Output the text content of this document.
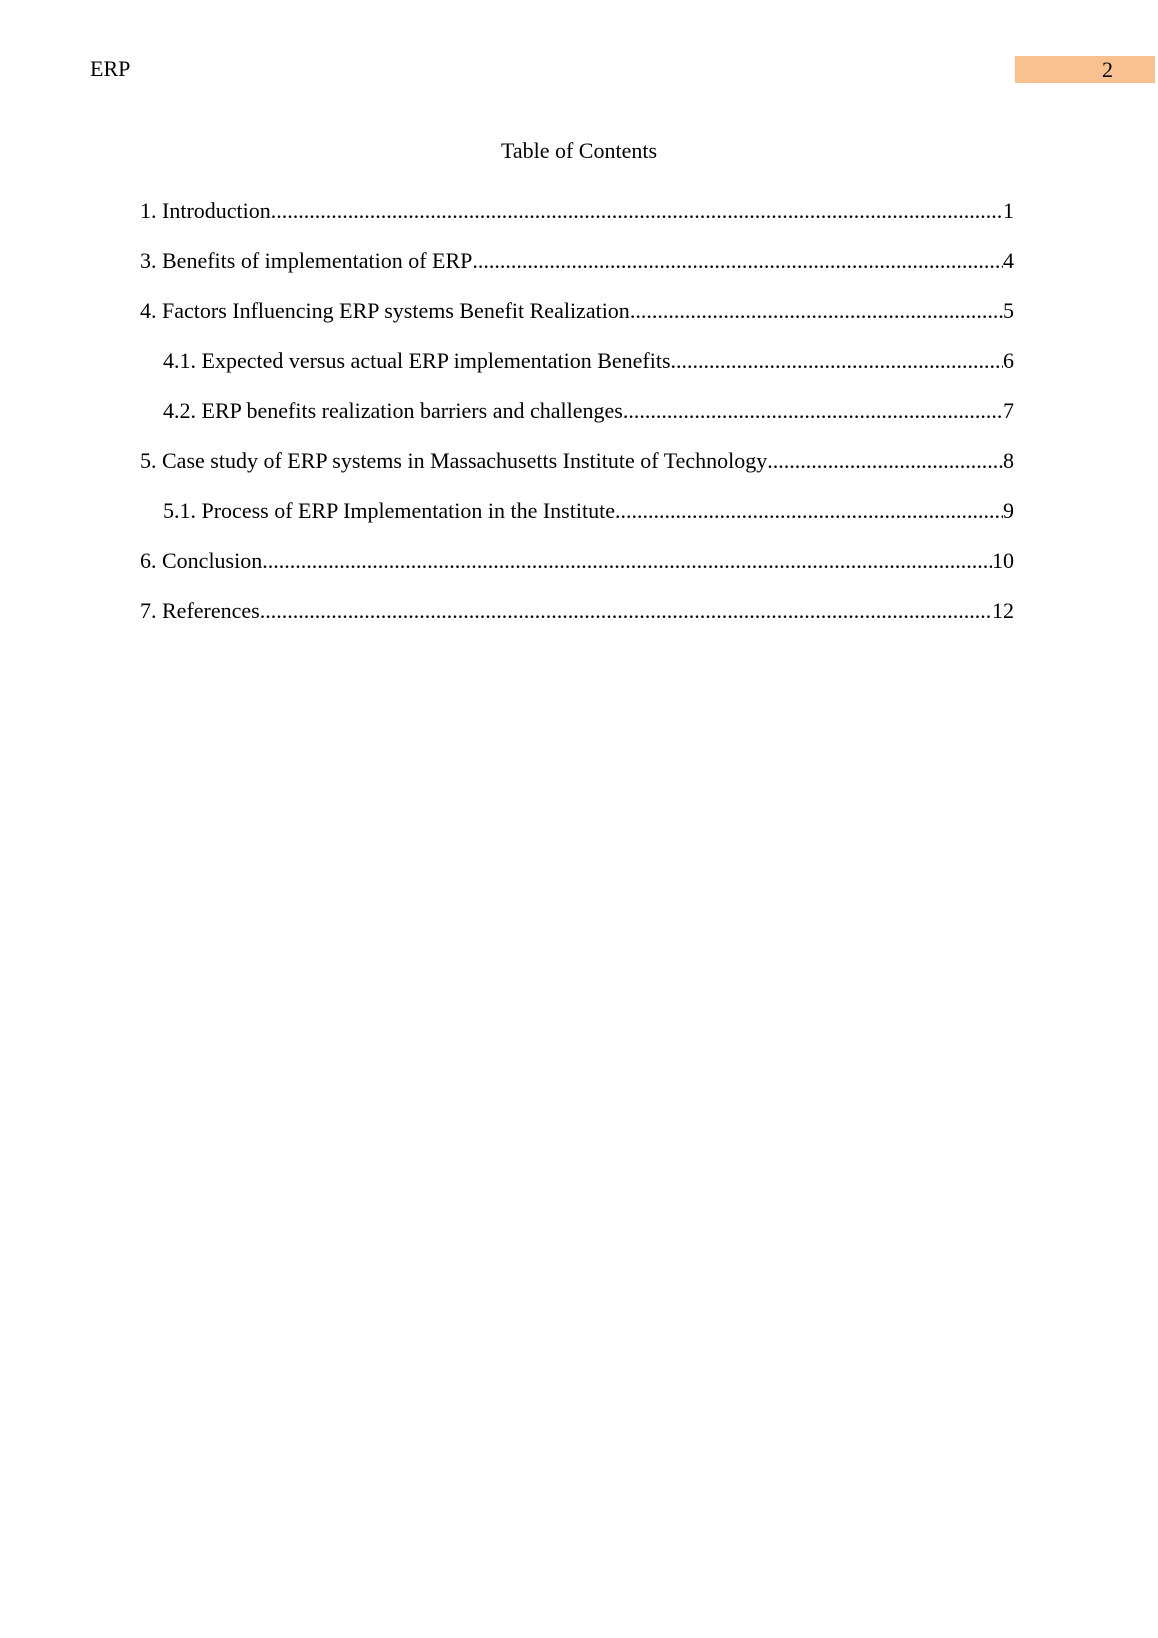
ERP	2
Table of Contents
1. Introduction .....	1
3. Benefits of implementation of ERP .....	4
4. Factors Influencing ERP systems Benefit Realization .....	5
4.1. Expected versus actual ERP implementation Benefits .....	6
4.2. ERP benefits realization barriers and challenges .....	7
5. Case study of ERP systems in Massachusetts Institute of Technology .....	8
5.1. Process of ERP Implementation in the Institute .....	9
6. Conclusion .....	10
7. References .....	12
